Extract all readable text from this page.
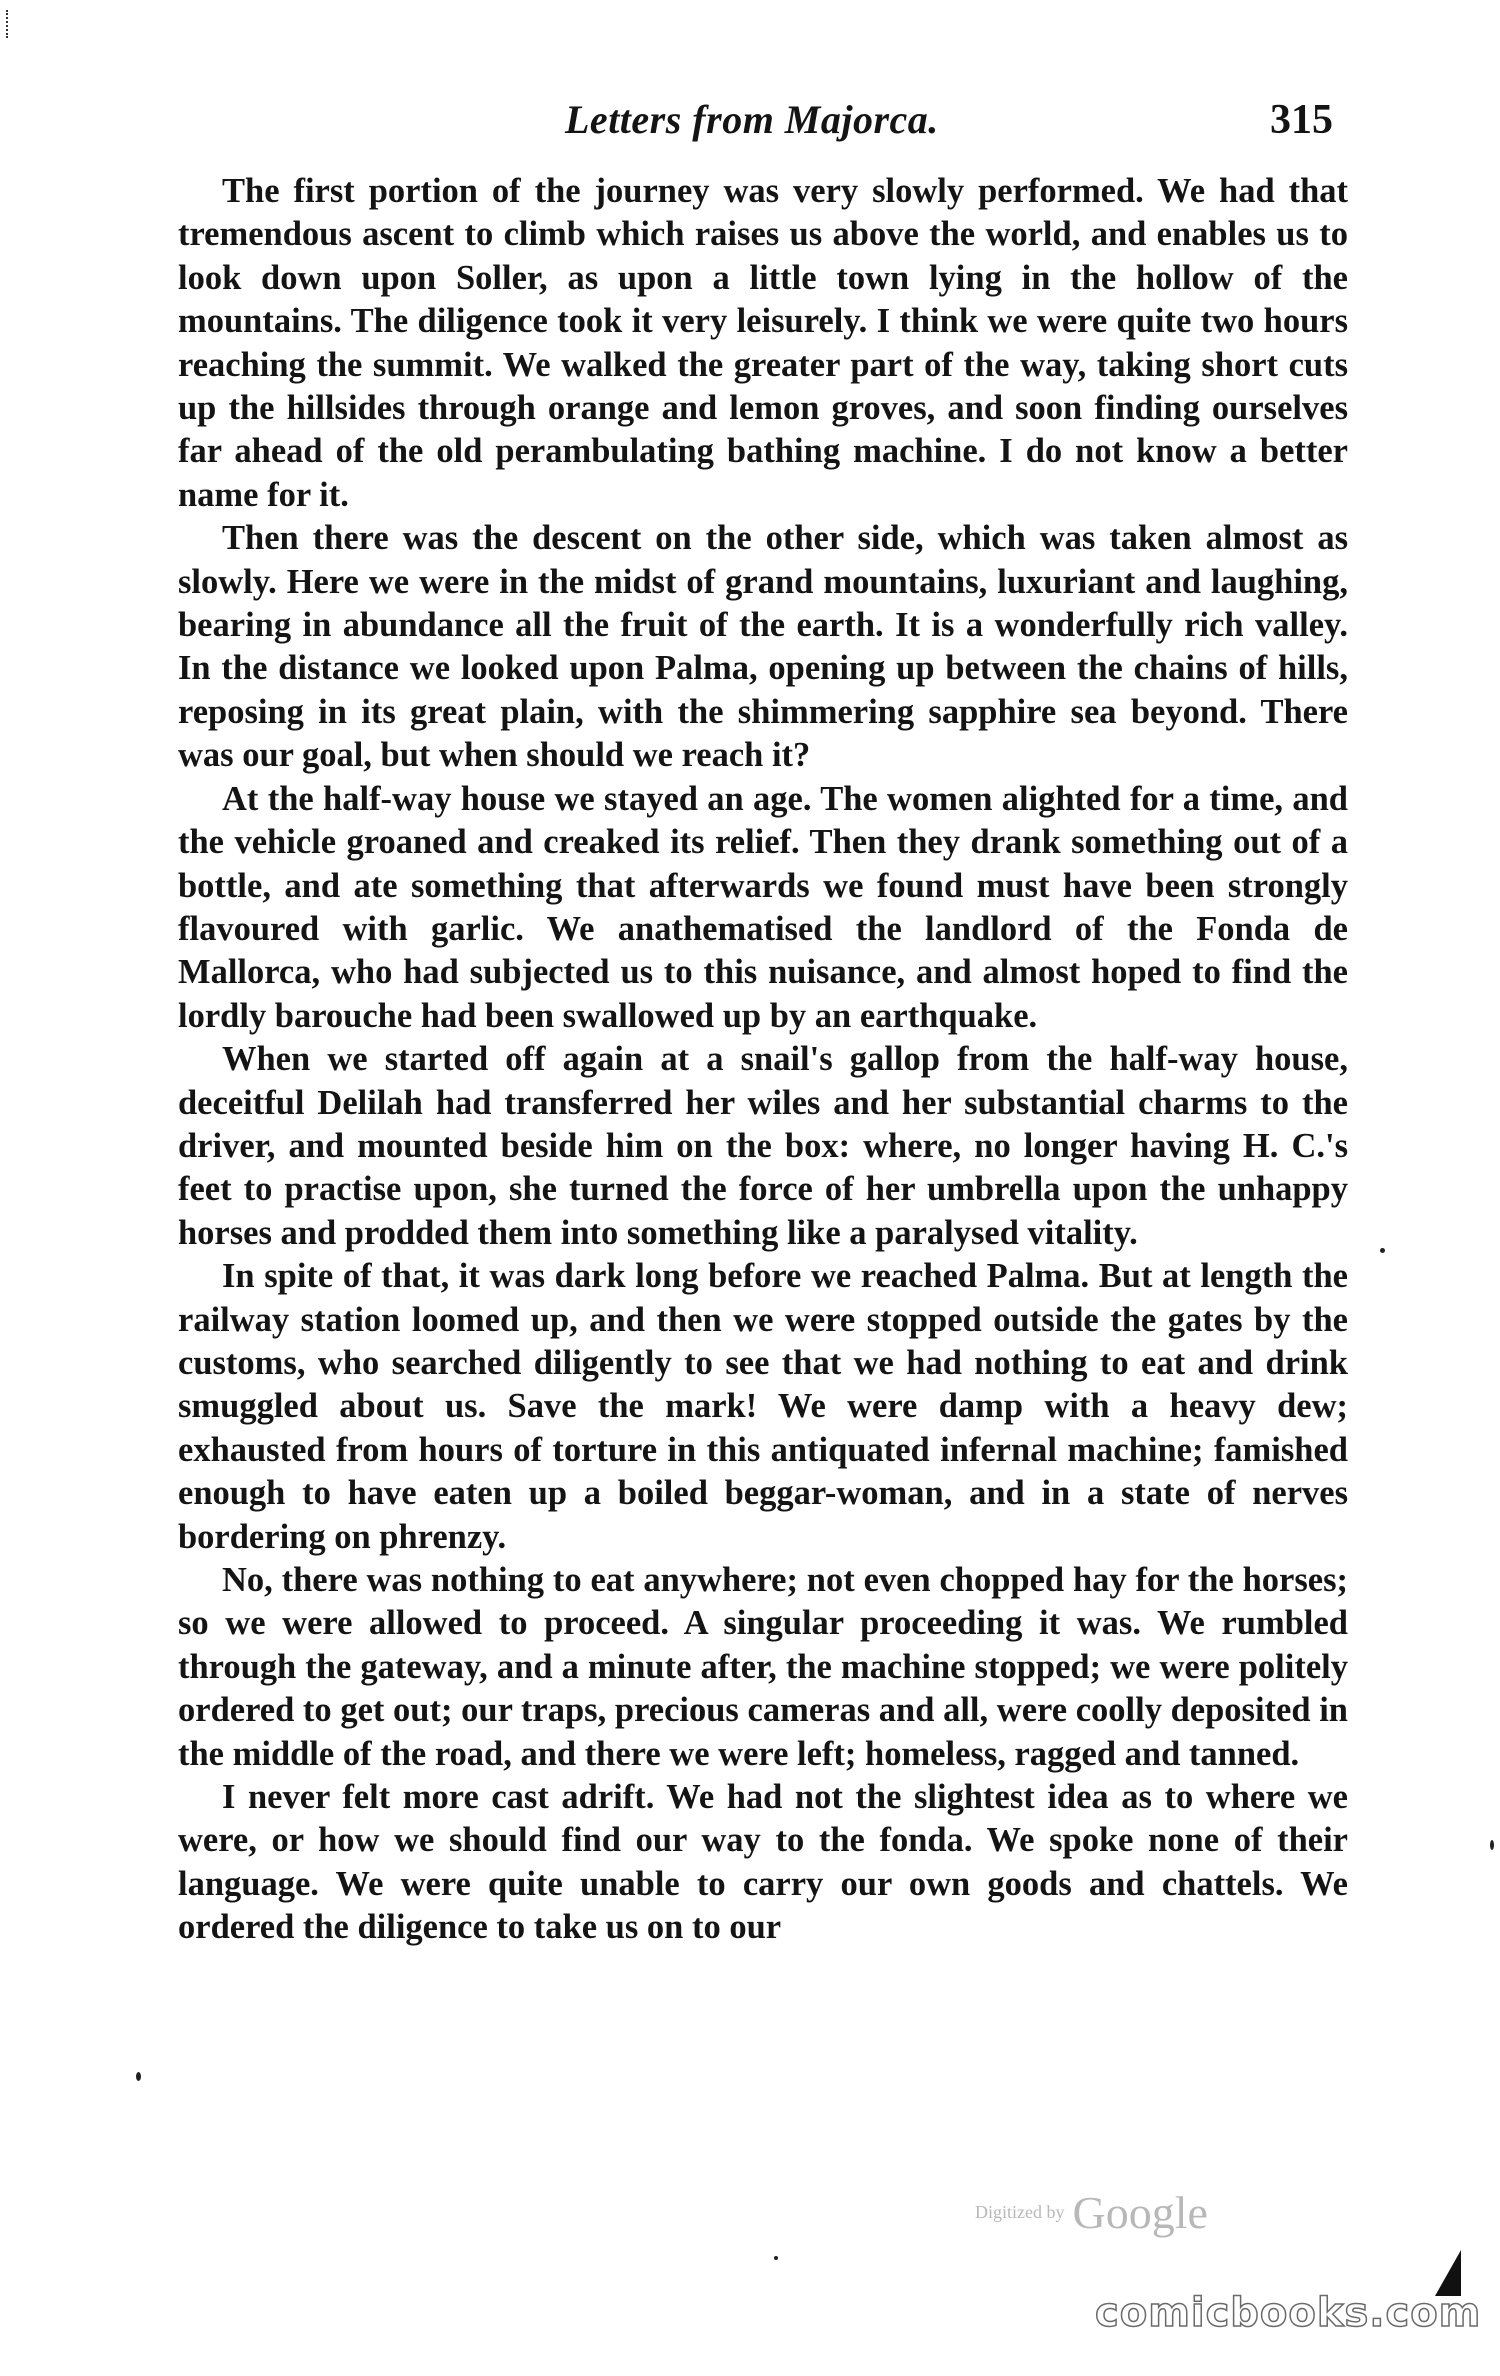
Letters from Majorca.	315

The first portion of the journey was very slowly performed. We had that tremendous ascent to climb which raises us above the world, and enables us to look down upon Soller, as upon a little town lying in the hollow of the mountains. The diligence took it very leisurely. I think we were quite two hours reaching the summit. We walked the greater part of the way, taking short cuts up the hillsides through orange and lemon groves, and soon finding ourselves far ahead of the old perambulating bathing machine. I do not know a better name for it.

Then there was the descent on the other side, which was taken almost as slowly. Here we were in the midst of grand mountains, luxuriant and laughing, bearing in abundance all the fruit of the earth. It is a wonderfully rich valley. In the distance we looked upon Palma, opening up between the chains of hills, reposing in its great plain, with the shimmering sapphire sea beyond. There was our goal, but when should we reach it?

At the half-way house we stayed an age. The women alighted for a time, and the vehicle groaned and creaked its relief. Then they drank something out of a bottle, and ate something that afterwards we found must have been strongly flavoured with garlic. We anathematised the landlord of the Fonda de Mallorca, who had subjected us to this nuisance, and almost hoped to find the lordly barouche had been swallowed up by an earthquake.

When we started off again at a snail's gallop from the half-way house, deceitful Delilah had transferred her wiles and her substantial charms to the driver, and mounted beside him on the box: where, no longer having H. C.'s feet to practise upon, she turned the force of her umbrella upon the unhappy horses and prodded them into something like a paralysed vitality.

In spite of that, it was dark long before we reached Palma. But at length the railway station loomed up, and then we were stopped outside the gates by the customs, who searched diligently to see that we had nothing to eat and drink smuggled about us. Save the mark! We were damp with a heavy dew; exhausted from hours of torture in this antiquated infernal machine; famished enough to have eaten up a boiled beggar-woman, and in a state of nerves bordering on phrenzy.

No, there was nothing to eat anywhere; not even chopped hay for the horses; so we were allowed to proceed. A singular proceeding it was. We rumbled through the gateway, and a minute after, the machine stopped; we were politely ordered to get out; our traps, precious cameras and all, were coolly deposited in the middle of the road, and there we were left; homeless, ragged and tanned.

I never felt more cast adrift. We had not the slightest idea as to where we were, or how we should find our way to the fonda. We spoke none of their language. We were quite unable to carry our own goods and chattels. We ordered the diligence to take us on to our

Digitized by Google
comicbooks.com
